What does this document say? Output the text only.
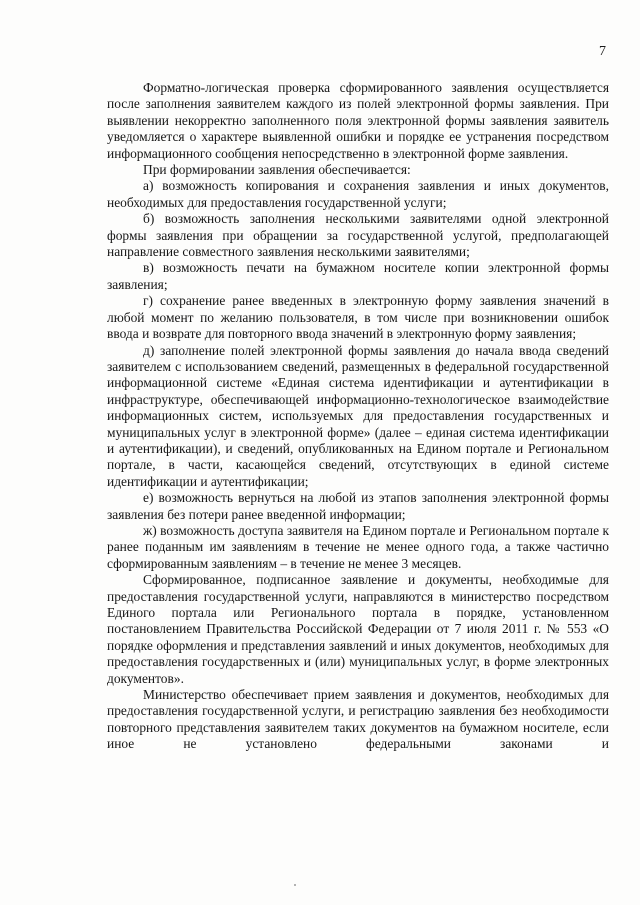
7

Форматно-логическая проверка сформированного заявления осуществляется после заполнения заявителем каждого из полей электронной формы заявления. При выявлении некорректно заполненного поля электронной формы заявления заявитель уведомляется о характере выявленной ошибки и порядке ее устранения посредством информационного сообщения непосредственно в электронной форме заявления.

При формировании заявления обеспечивается:

а) возможность копирования и сохранения заявления и иных документов, необходимых для предоставления государственной услуги;

б) возможность заполнения несколькими заявителями одной электронной формы заявления при обращении за государственной услугой, предполагающей направление совместного заявления несколькими заявителями;

в) возможность печати на бумажном носителе копии электронной формы заявления;

г) сохранение ранее введенных в электронную форму заявления значений в любой момент по желанию пользователя, в том числе при возникновении ошибок ввода и возврате для повторного ввода значений в электронную форму заявления;

д) заполнение полей электронной формы заявления до начала ввода сведений заявителем с использованием сведений, размещенных в федеральной государственной информационной системе «Единая система идентификации и аутентификации в инфраструктуре, обеспечивающей информационно-технологическое взаимодействие информационных систем, используемых для предоставления государственных и муниципальных услуг в электронной форме» (далее – единая система идентификации и аутентификации), и сведений, опубликованных на Едином портале и Региональном портале, в части, касающейся сведений, отсутствующих в единой системе идентификации и аутентификации;

е) возможность вернуться на любой из этапов заполнения электронной формы заявления без потери ранее введенной информации;

ж) возможность доступа заявителя на Едином портале и Региональном портале к ранее поданным им заявлениям в течение не менее одного года, а также частично сформированным заявлениям – в течение не менее 3 месяцев.

Сформированное, подписанное заявление и документы, необходимые для предоставления государственной услуги, направляются в министерство посредством Единого портала или Регионального портала в порядке, установленном постановлением Правительства Российской Федерации от 7 июля 2011 г. № 553 «О порядке оформления и представления заявлений и иных документов, необходимых для предоставления государственных и (или) муниципальных услуг, в форме электронных документов».

Министерство обеспечивает прием заявления и документов, необходимых для предоставления государственной услуги, и регистрацию заявления без необходимости повторного представления заявителем таких документов на бумажном носителе, если иное не установлено федеральными законами и
